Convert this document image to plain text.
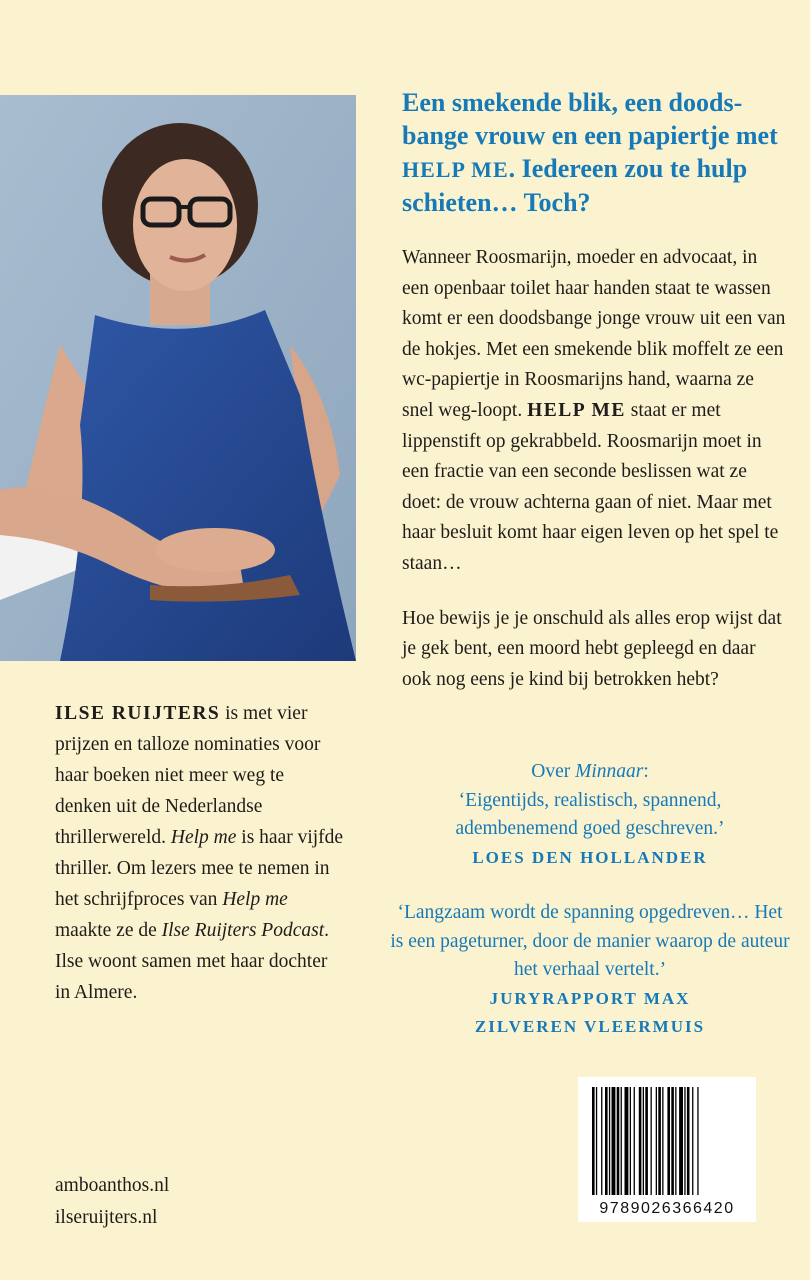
ILSE RUIJTERS is met vier prijzen en talloze nominaties voor haar boeken niet meer weg te denken uit de Nederlandse thrillerwereld. Help me is haar vijfde thriller. Om lezers mee te nemen in het schrijfproces van Help me maakte ze de Ilse Ruijters Podcast. Ilse woont samen met haar dochter in Almere.
amboanthos.nl
ilseruijters.nl
Een smekende blik, een doods-bange vrouw en een papiertje met HELP ME. Iedereen zou te hulp schieten… Toch?

Wanneer Roosmarijn, moeder en advocaat, in een openbaar toilet haar handen staat te wassen komt er een doodsbange jonge vrouw uit een van de hokjes. Met een smekende blik moffelt ze een wc-papiertje in Roosmarijns hand, waarna ze snel weg-loopt. HELP ME staat er met lippenstift op gekrabbeld. Roosmarijn moet in een fractie van een seconde beslissen wat ze doet: de vrouw achterna gaan of niet. Maar met haar besluit komt haar eigen leven op het spel te staan…

Hoe bewijs je je onschuld als alles erop wijst dat je gek bent, een moord hebt gepleegd en daar ook nog eens je kind bij betrokken hebt?

Over Minnaar:
‘Eigentijds, realistisch, spannend, adembenemend goed geschreven.’
LOES DEN HOLLANDER
‘Langzaam wordt de spanning opgedreven… Het is een pageturner, door de manier waarop de auteur het verhaal vertelt.’
JURYRAPPORT MAX ZILVEREN VLEERMUIS
9789026366420
